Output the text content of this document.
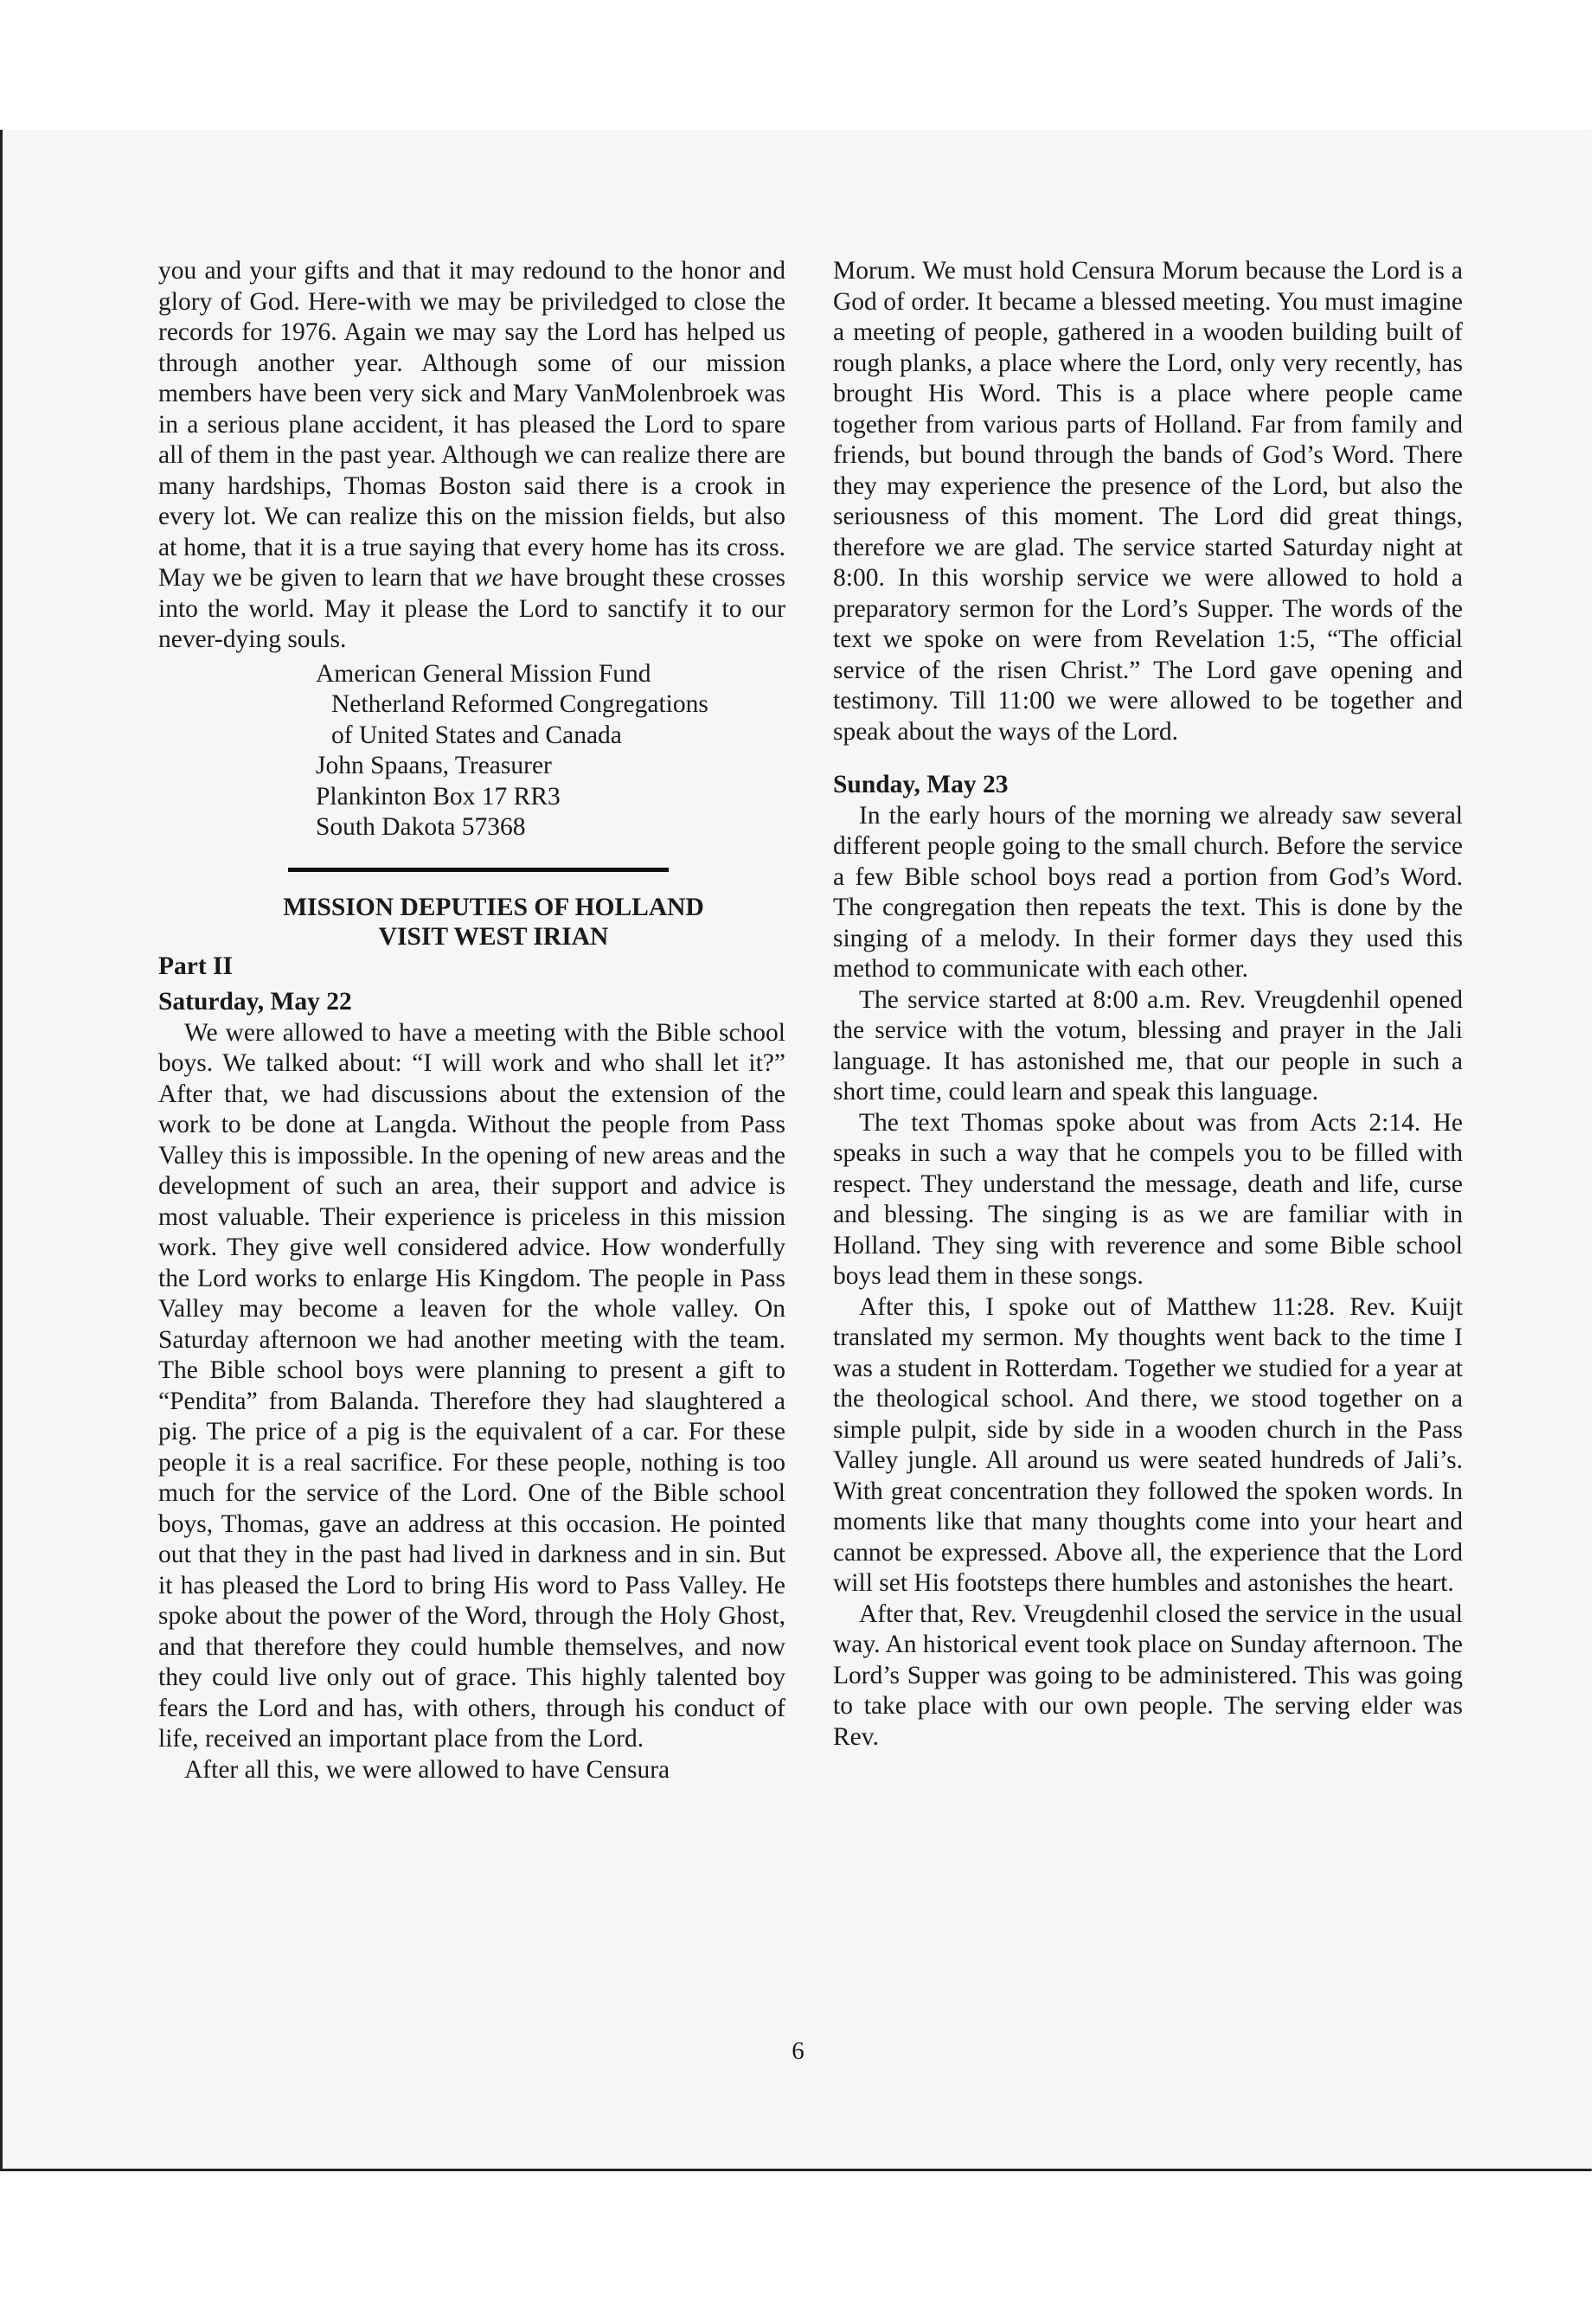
you and your gifts and that it may redound to the honor and glory of God. Here-with we may be priviledged to close the records for 1976. Again we may say the Lord has helped us through another year. Although some of our mission members have been very sick and Mary VanMolenbroek was in a serious plane accident, it has pleased the Lord to spare all of them in the past year. Although we can realize there are many hardships, Thomas Boston said there is a crook in every lot. We can realize this on the mission fields, but also at home, that it is a true saying that every home has its cross. May we be given to learn that we have brought these crosses into the world. May it please the Lord to sanctify it to our never-dying souls.

American General Mission Fund
Netherland Reformed Congregations
of United States and Canada
John Spaans, Treasurer
Plankinton Box 17 RR3
South Dakota 57368
MISSION DEPUTIES OF HOLLAND
VISIT WEST IRIAN

Part II

Saturday, May 22

We were allowed to have a meeting with the Bible school boys. We talked about: “I will work and who shall let it?” After that, we had discussions about the extension of the work to be done at Langda. Without the people from Pass Valley this is impossible. In the opening of new areas and the development of such an area, their support and advice is most valuable. Their experience is priceless in this mission work. They give well considered advice. How wonderfully the Lord works to enlarge His Kingdom. The people in Pass Valley may become a leaven for the whole valley. On Saturday afternoon we had another meeting with the team. The Bible school boys were planning to present a gift to “Pendita” from Balanda. Therefore they had slaughtered a pig. The price of a pig is the equivalent of a car. For these people it is a real sacrifice. For these people, nothing is too much for the service of the Lord. One of the Bible school boys, Thomas, gave an address at this occasion. He pointed out that they in the past had lived in darkness and in sin. But it has pleased the Lord to bring His word to Pass Valley. He spoke about the power of the Word, through the Holy Ghost, and that therefore they could humble themselves, and now they could live only out of grace. This highly talented boy fears the Lord and has, with others, through his conduct of life, received an important place from the Lord.

After all this, we were allowed to have Censura

Morum. We must hold Censura Morum because the Lord is a God of order. It became a blessed meeting. You must imagine a meeting of people, gathered in a wooden building built of rough planks, a place where the Lord, only very recently, has brought His Word. This is a place where people came together from various parts of Holland. Far from family and friends, but bound through the bands of God’s Word. There they may experience the presence of the Lord, but also the seriousness of this moment. The Lord did great things, therefore we are glad. The service started Saturday night at 8:00. In this worship service we were allowed to hold a preparatory sermon for the Lord’s Supper. The words of the text we spoke on were from Revelation 1:5, “The official service of the risen Christ.” The Lord gave opening and testimony. Till 11:00 we were allowed to be together and speak about the ways of the Lord.

Sunday, May 23

In the early hours of the morning we already saw several different people going to the small church. Before the service a few Bible school boys read a portion from God’s Word. The congregation then repeats the text. This is done by the singing of a melody. In their former days they used this method to communicate with each other.

The service started at 8:00 a.m. Rev. Vreugdenhil opened the service with the votum, blessing and prayer in the Jali language. It has astonished me, that our people in such a short time, could learn and speak this language.

The text Thomas spoke about was from Acts 2:14. He speaks in such a way that he compels you to be filled with respect. They understand the message, death and life, curse and blessing. The singing is as we are familiar with in Holland. They sing with reverence and some Bible school boys lead them in these songs.

After this, I spoke out of Matthew 11:28. Rev. Kuijt translated my sermon. My thoughts went back to the time I was a student in Rotterdam. Together we studied for a year at the theological school. And there, we stood together on a simple pulpit, side by side in a wooden church in the Pass Valley jungle. All around us were seated hundreds of Jali’s. With great concentration they followed the spoken words. In moments like that many thoughts come into your heart and cannot be expressed. Above all, the experience that the Lord will set His footsteps there humbles and astonishes the heart.

After that, Rev. Vreugdenhil closed the service in the usual way. An historical event took place on Sunday afternoon. The Lord’s Supper was going to be administered. This was going to take place with our own people. The serving elder was Rev.

6
